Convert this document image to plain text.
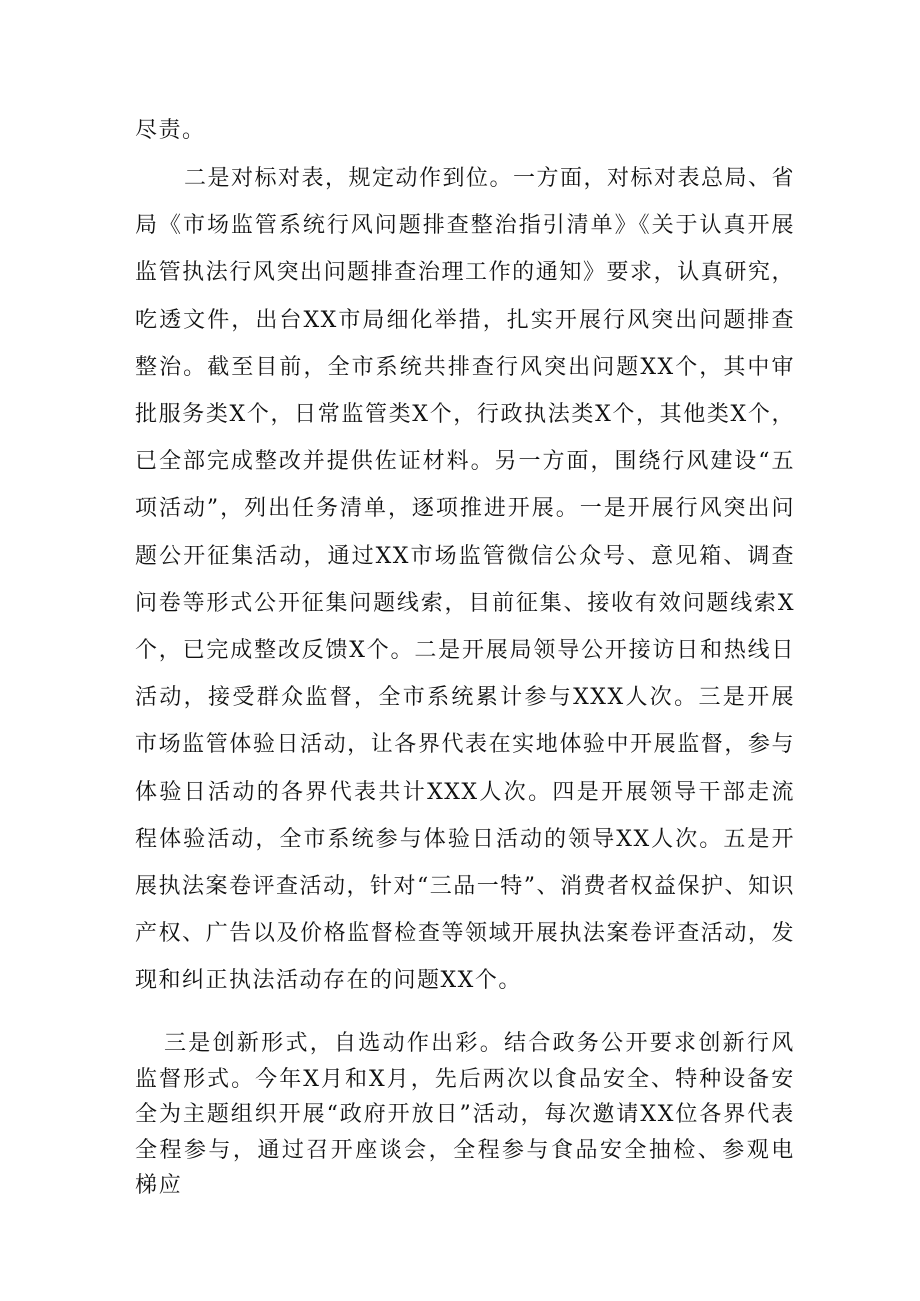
尽责。

二是对标对表，规定动作到位。一方面，对标对表总局、省局《市场监管系统行风问题排查整治指引清单》《关于认真开展监管执法行风突出问题排查治理工作的通知》要求，认真研究，吃透文件，出台XX市局细化举措，扎实开展行风突出问题排查整治。截至目前，全市系统共排查行风突出问题XX个，其中审批服务类X个，日常监管类X个，行政执法类X个，其他类X个，已全部完成整改并提供佐证材料。另一方面，围绕行风建设“五项活动”，列出任务清单，逐项推进开展。一是开展行风突出问题公开征集活动，通过XX市场监管微信公众号、意见箱、调查问卷等形式公开征集问题线索，目前征集、接收有效问题线索X个，已完成整改反馈X个。二是开展局领导公开接访日和热线日活动，接受群众监督，全市系统累计参与XXX人次。三是开展市场监管体验日活动，让各界代表在实地体验中开展监督，参与体验日活动的各界代表共计XXX人次。四是开展领导干部走流程体验活动，全市系统参与体验日活动的领导XX人次。五是开展执法案卷评查活动，针对“三品一特”、消费者权益保护、知识产权、广告以及价格监督检查等领域开展执法案卷评查活动，发现和纠正执法活动存在的问题XX个。

三是创新形式，自选动作出彩。结合政务公开要求创新行风监督形式。今年X月和X月，先后两次以食品安全、特种设备安全为主题组织开展“政府开放日”活动，每次邀请XX位各界代表全程参与，通过召开座谈会，全程参与食品安全抽检、参观电梯应
